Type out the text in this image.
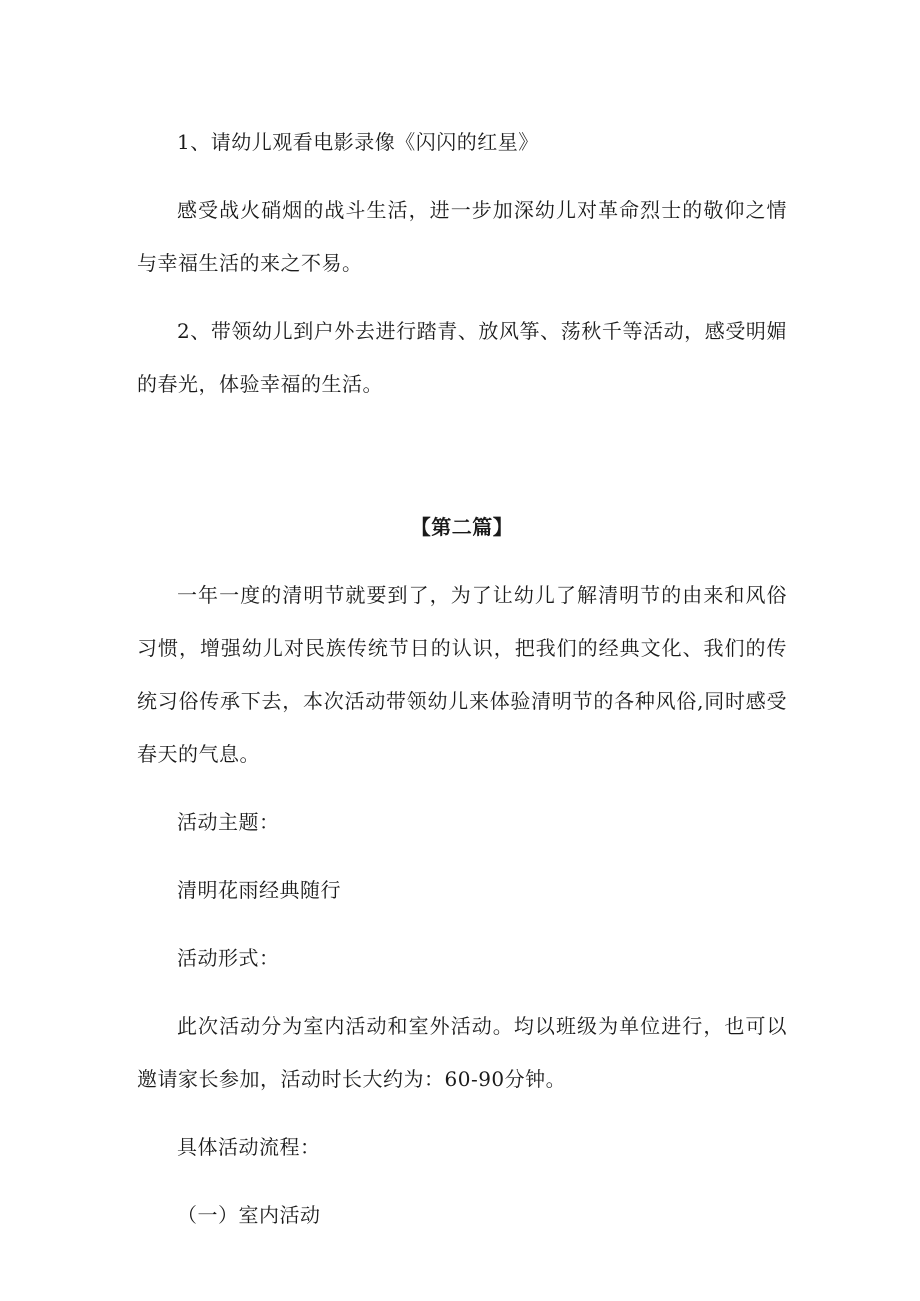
1、请幼儿观看电影录像《闪闪的红星》

感受战火硝烟的战斗生活，进一步加深幼儿对革命烈士的敬仰之情与幸福生活的来之不易。

2、带领幼儿到户外去进行踏青、放风筝、荡秋千等活动，感受明媚的春光，体验幸福的生活。

【第二篇】

一年一度的清明节就要到了，为了让幼儿了解清明节的由来和风俗习惯，增强幼儿对民族传统节日的认识，把我们的经典文化、我们的传统习俗传承下去，本次活动带领幼儿来体验清明节的各种风俗,同时感受春天的气息。

活动主题：

清明花雨经典随行

活动形式：

此次活动分为室内活动和室外活动。均以班级为单位进行，也可以邀请家长参加，活动时长大约为：60-90分钟。

具体活动流程：

（一）室内活动
